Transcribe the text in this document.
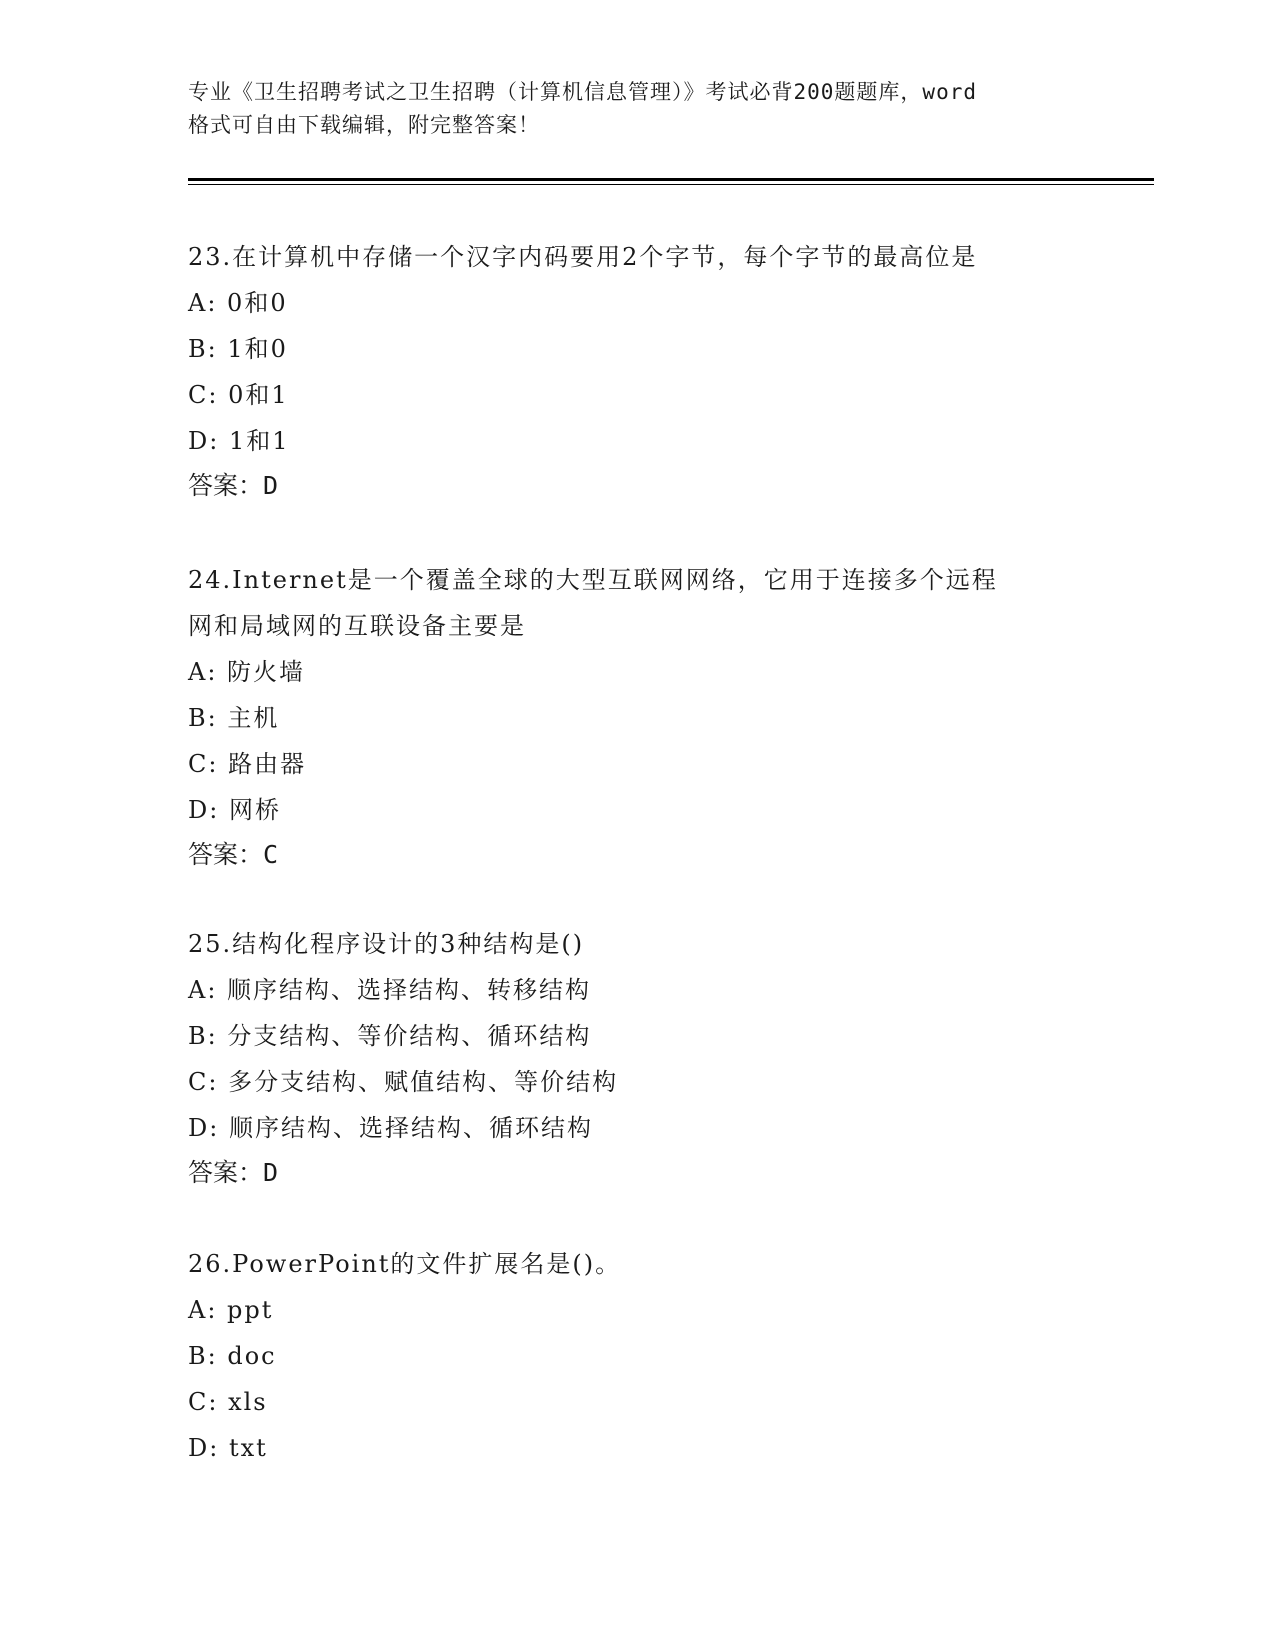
专业《卫生招聘考试之卫生招聘（计算机信息管理）》考试必背200题题库，word
格式可自由下载编辑，附完整答案！

23.在计算机中存储一个汉字内码要用2个字节，每个字节的最高位是

A: 0和0

B: 1和0

C: 0和1

D: 1和1

答案：D

24.Internet是一个覆盖全球的大型互联网网络，它用于连接多个远程

网和局域网的互联设备主要是

A: 防火墙

B: 主机

C: 路由器

D: 网桥

答案：C

25.结构化程序设计的3种结构是()

A: 顺序结构、选择结构、转移结构

B: 分支结构、等价结构、循环结构

C: 多分支结构、赋值结构、等价结构

D: 顺序结构、选择结构、循环结构

答案：D

26.PowerPoint的文件扩展名是()。

A: ppt

B: doc

C: xls

D: txt
